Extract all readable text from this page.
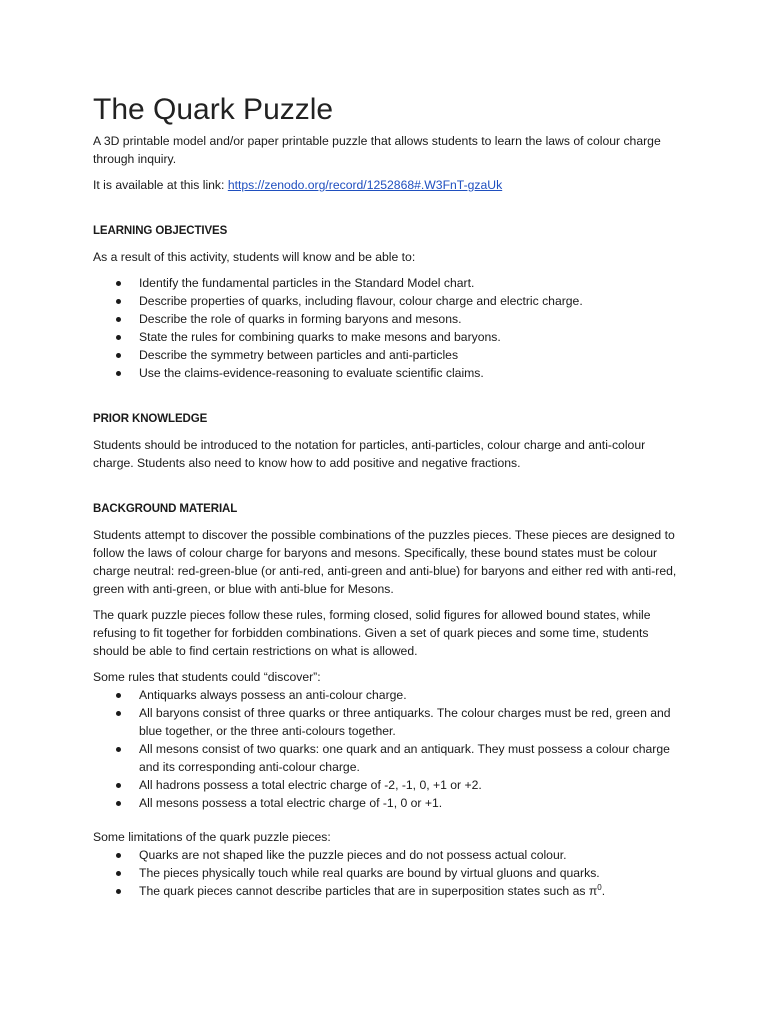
The Quark Puzzle

A 3D printable model and/or paper printable puzzle that allows students to learn the laws of colour charge through inquiry.

It is available at this link: https://zenodo.org/record/1252868#.W3FnT-gzaUk

LEARNING OBJECTIVES

As a result of this activity, students will know and be able to:

Identify the fundamental particles in the Standard Model chart.
Describe properties of quarks, including flavour, colour charge and electric charge.
Describe the role of quarks in forming baryons and mesons.
State the rules for combining quarks to make mesons and baryons.
Describe the symmetry between particles and anti-particles
Use the claims-evidence-reasoning to evaluate scientific claims.
PRIOR KNOWLEDGE

Students should be introduced to the notation for particles, anti-particles, colour charge and anti-colour charge. Students also need to know how to add positive and negative fractions.

BACKGROUND MATERIAL

Students attempt to discover the possible combinations of the puzzles pieces. These pieces are designed to follow the laws of colour charge for baryons and mesons. Specifically, these bound states must be colour charge neutral: red-green-blue (or anti-red, anti-green and anti-blue) for baryons and either red with anti-red, green with anti-green, or blue with anti-blue for Mesons.

The quark puzzle pieces follow these rules, forming closed, solid figures for allowed bound states, while refusing to fit together for forbidden combinations. Given a set of quark pieces and some time, students should be able to find certain restrictions on what is allowed.

Some rules that students could “discover”:

Antiquarks always possess an anti-colour charge.
All baryons consist of three quarks or three antiquarks. The colour charges must be red, green and blue together, or the three anti-colours together.
All mesons consist of two quarks: one quark and an antiquark. They must possess a colour charge and its corresponding anti-colour charge.
All hadrons possess a total electric charge of -2, -1, 0, +1 or +2.
All mesons possess a total electric charge of -1, 0 or +1.

Some limitations of the quark puzzle pieces:

Quarks are not shaped like the puzzle pieces and do not possess actual colour.
The pieces physically touch while real quarks are bound by virtual gluons and quarks.
The quark pieces cannot describe particles that are in superposition states such as $\pi^0$.
